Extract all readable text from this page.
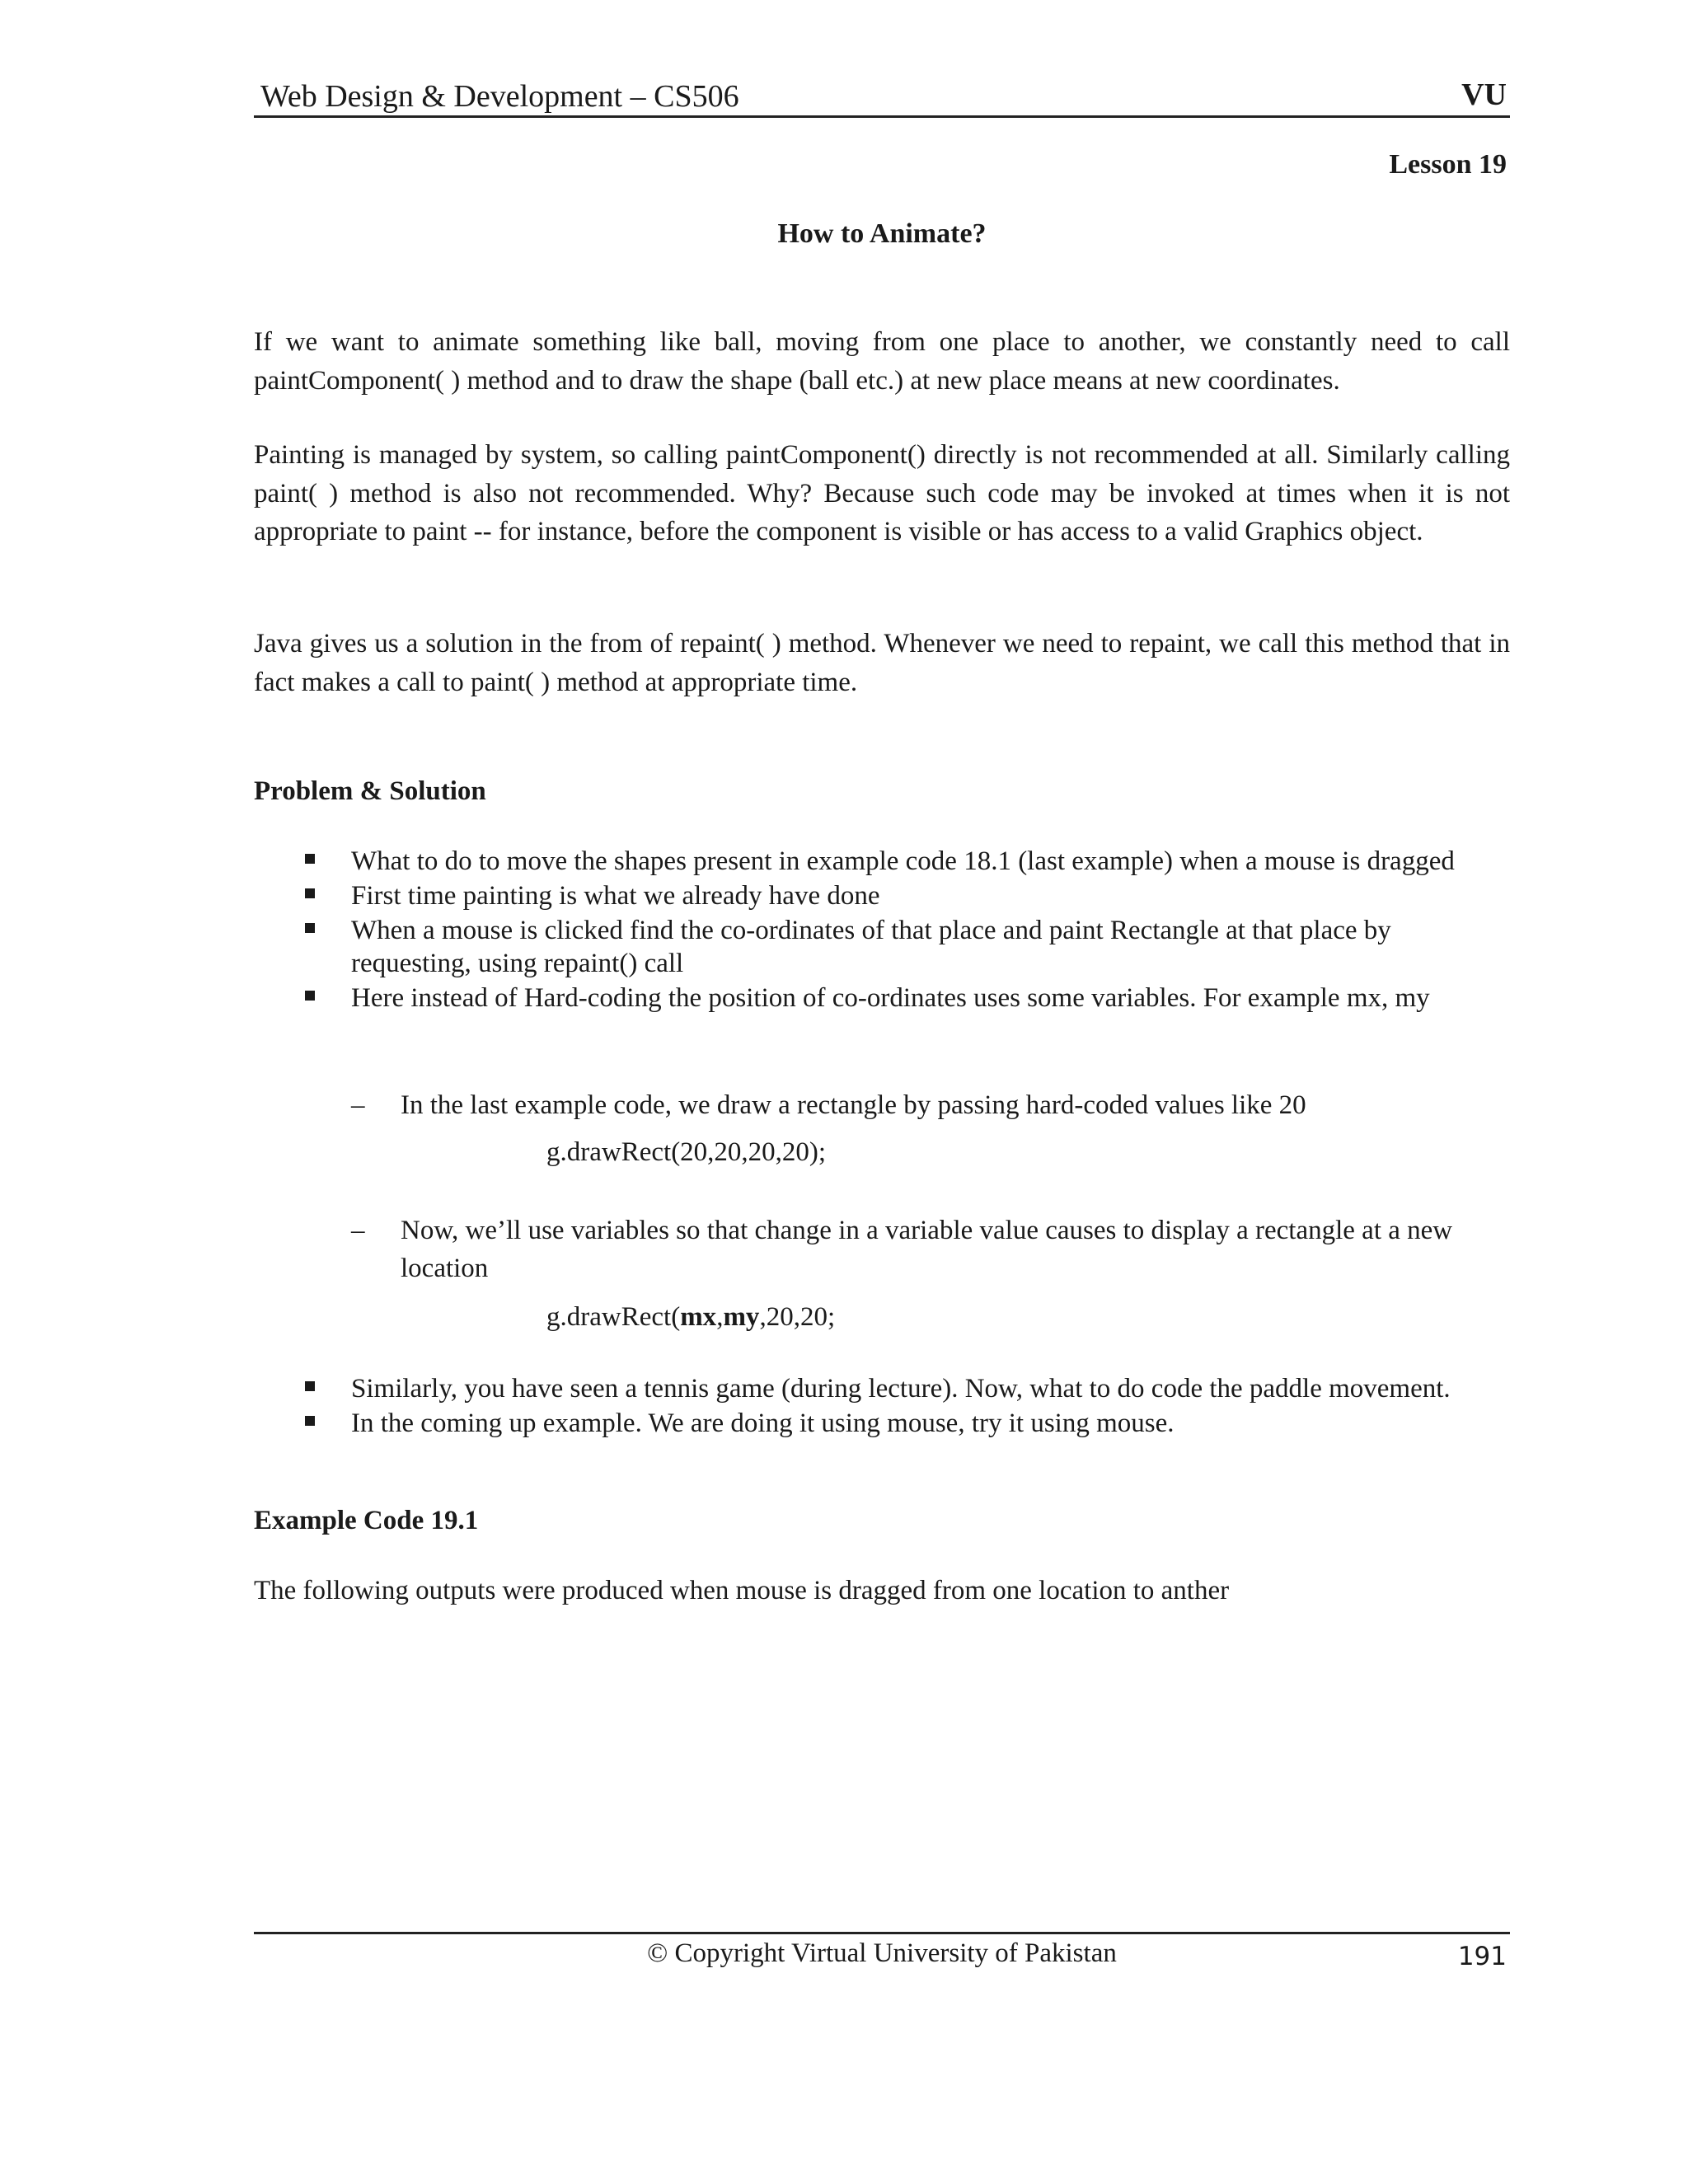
Web Design & Development – CS506	VU
Lesson 19
How to Animate?
If we want to animate something like ball, moving from one place to another, we constantly need to call paintComponent( ) method and to draw the shape (ball etc.) at new place means at new coordinates.
Painting is managed by system, so calling paintComponent() directly is not recommended at all. Similarly calling paint( ) method is also not recommended. Why? Because such code may be invoked at times when it is not appropriate to paint -- for instance, before the component is visible or has access to a valid Graphics object.
Java gives us a solution in the from of repaint( ) method. Whenever we need to repaint, we call this method that in fact makes a call to paint( ) method at appropriate time.
Problem & Solution
What to do to move the shapes present in example code 18.1 (last example) when a mouse is dragged
First time painting is what we already have done
When a mouse is clicked find the co-ordinates of that place and paint Rectangle at that place by requesting, using repaint() call
Here instead of Hard-coding the position of co-ordinates uses some variables. For example mx, my
– In the last example code, we draw a rectangle by passing hard-coded values like 20
g.drawRect(20,20,20,20);
– Now, we’ll use variables so that change in a variable value causes to display a rectangle at a new location
g.drawRect(mx,my,20,20;
Similarly, you have seen a tennis game (during lecture). Now, what to do code the paddle movement.
In the coming up example. We are doing it using mouse, try it using mouse.
Example Code 19.1
The following outputs were produced when mouse is dragged from one location to anther
© Copyright Virtual University of Pakistan	191
